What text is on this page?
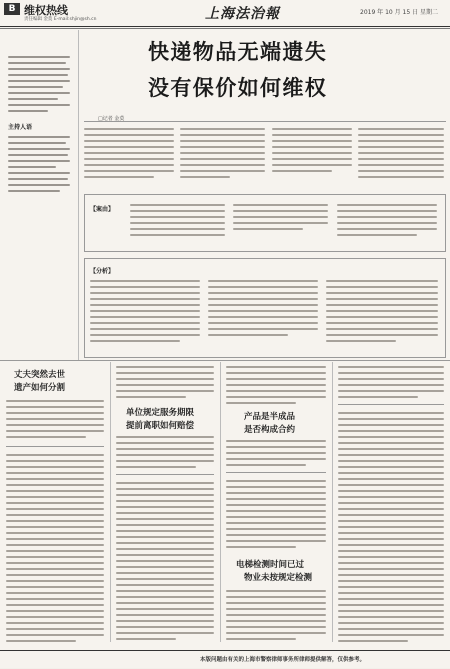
B 维权热线
责任编辑 金莫 E-mail:shjin@sh.cn	上海法治報	2019 年 10 月 15 日 星期二
主持人语
快递物品无端遗失
没有保价如何维权
□记者 金莫
【案由】
【分析】
丈夫突然去世
遗产如何分割
单位规定服务期限
提前离职如何赔偿
产品是半成品
是否构成合约
电梯检测时间已过
物业未按规定检测
本版问题由有关的上海市警察律师事务所律师提供解答，仅供参考。
